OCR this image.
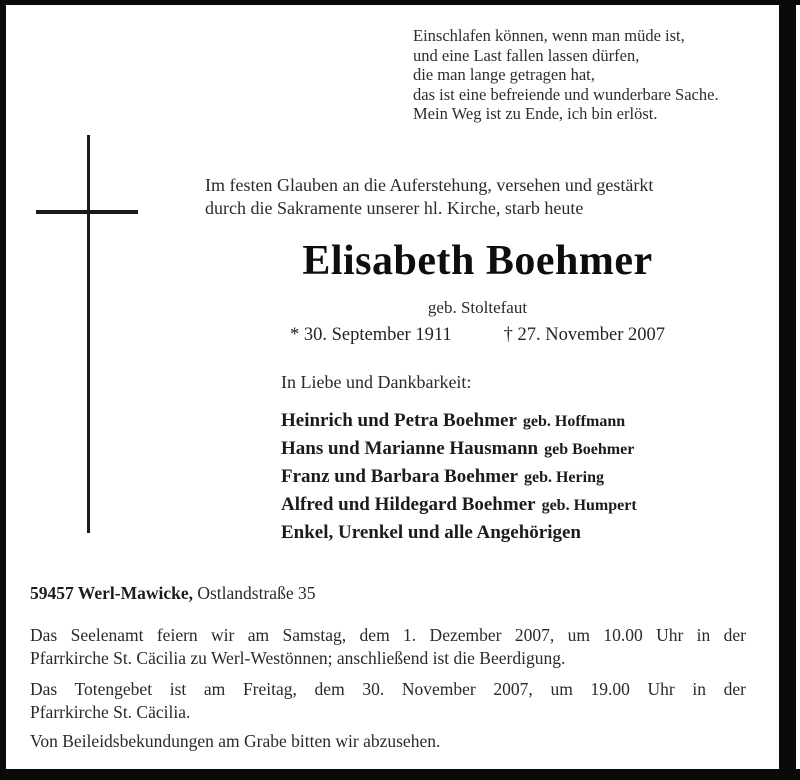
Einschlafen können, wenn man müde ist,
und eine Last fallen lassen dürfen,
die man lange getragen hat,
das ist eine befreiende und wunderbare Sache.
Mein Weg ist zu Ende, ich bin erlöst.
Im festen Glauben an die Auferstehung, versehen und gestärkt
durch die Sakramente unserer hl. Kirche, starb heute
Elisabeth Boehmer
geb. Stoltefaut
* 30. September 1911	† 27. November 2007
In Liebe und Dankbarkeit:
Heinrich und Petra Boehmer geb. Hoffmann
Hans und Marianne Hausmann geb Boehmer
Franz und Barbara Boehmer geb. Hering
Alfred und Hildegard Boehmer geb. Humpert
Enkel, Urenkel und alle Angehörigen
59457 Werl-Mawicke, Ostlandstraße 35
Das Seelenamt feiern wir am Samstag, dem 1. Dezember 2007, um 10.00 Uhr in der
Pfarrkirche St. Cäcilia zu Werl-Westönnen; anschließend ist die Beerdigung.
Das Totengebet ist am Freitag, dem 30. November 2007, um 19.00 Uhr in der
Pfarrkirche St. Cäcilia.
Von Beileidsbekundungen am Grabe bitten wir abzusehen.
